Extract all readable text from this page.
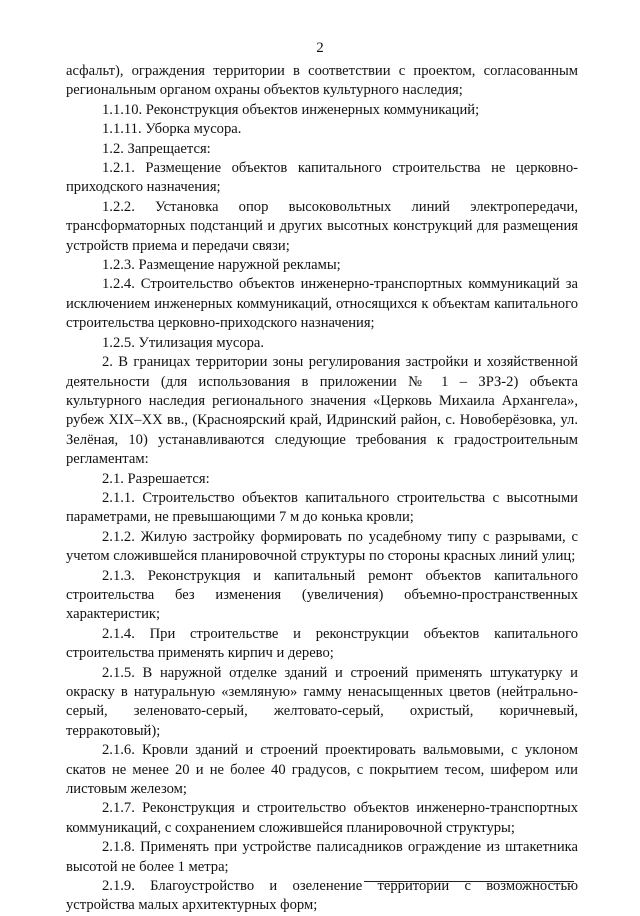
2

асфальт), ограждения территории в соответствии с проектом, согласованным региональным органом охраны объектов культурного наследия;

1.1.10. Реконструкция объектов инженерных коммуникаций;

1.1.11. Уборка мусора.

1.2. Запрещается:

1.2.1. Размещение объектов капитального строительства не церковно-приходского назначения;

1.2.2. Установка опор высоковольтных линий электропередачи, трансформаторных подстанций и других высотных конструкций для размещения устройств приема и передачи связи;

1.2.3. Размещение наружной рекламы;

1.2.4. Строительство объектов инженерно-транспортных коммуникаций за исключением инженерных коммуникаций, относящихся к объектам капитального строительства церковно-приходского назначения;

1.2.5. Утилизация мусора.

2. В границах территории зоны регулирования застройки и хозяйственной деятельности (для использования в приложении № 1 – ЗРЗ-2) объекта культурного наследия регионального значения «Церковь Михаила Архангела», рубеж XIX–XX вв., (Красноярский край, Идринский район, с. Новоберёзовка, ул. Зелёная, 10) устанавливаются следующие требования к градостроительным регламентам:

2.1. Разрешается:

2.1.1. Строительство объектов капитального строительства с высотными параметрами, не превышающими 7 м до конька кровли;

2.1.2. Жилую застройку формировать по усадебному типу с разрывами, с учетом сложившейся планировочной структуры по стороны красных линий улиц;

2.1.3. Реконструкция и капитальный ремонт объектов капитального строительства без изменения (увеличения) объемно-пространственных характеристик;

2.1.4. При строительстве и реконструкции объектов капитального строительства применять кирпич и дерево;

2.1.5. В наружной отделке зданий и строений применять штукатурку и окраску в натуральную «земляную» гамму ненасыщенных цветов (нейтрально-серый, зеленовато-серый, желтовато-серый, охристый, коричневый, терракотовый);

2.1.6. Кровли зданий и строений проектировать вальмовыми, с уклоном скатов не менее 20 и не более 40 градусов, с покрытием тесом, шифером или листовым железом;

2.1.7. Реконструкция и строительство объектов инженерно-транспортных коммуникаций, с сохранением сложившейся планировочной структуры;

2.1.8. Применять при устройстве палисадников ограждение из штакетника высотой не более 1 метра;

2.1.9. Благоустройство и озеленение территории с возможностью устройства малых архитектурных форм;
